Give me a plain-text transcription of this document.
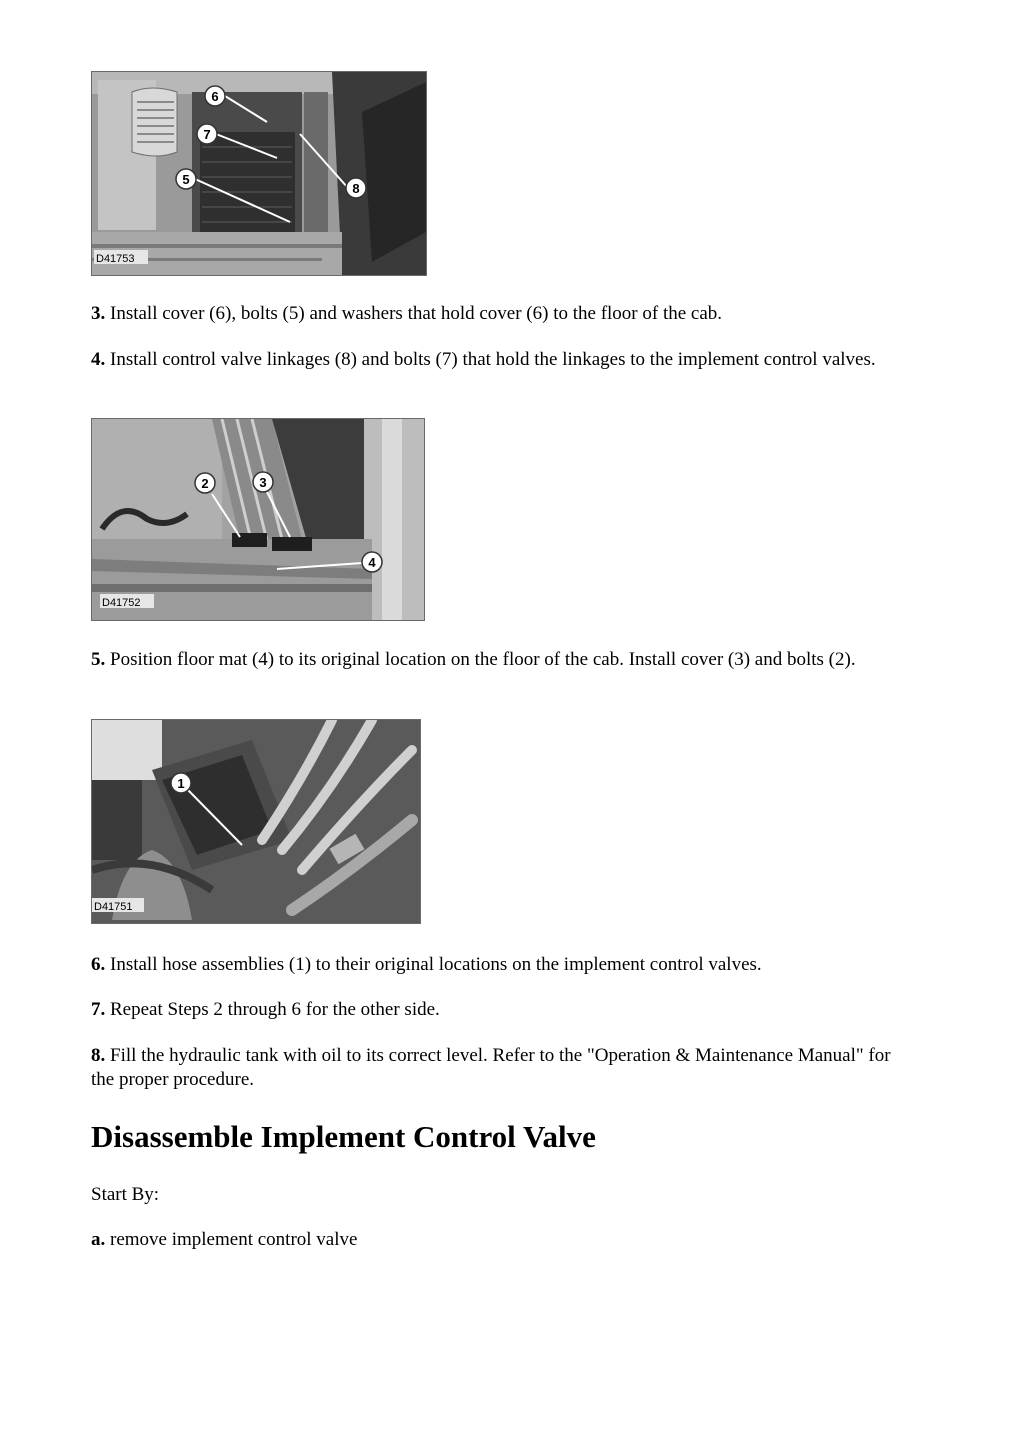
6
7
5
8
D41753

3. Install cover (6), bolts (5) and washers that hold cover (6) to the floor of the cab.

4. Install control valve linkages (8) and bolts (7) that hold the linkages to the implement control valves.

2	3
4
D41752

5. Position floor mat (4) to its original location on the floor of the cab. Install cover (3) and bolts (2).

1
D41751

6. Install hose assemblies (1) to their original locations on the implement control valves.

7. Repeat Steps 2 through 6 for the other side.

8. Fill the hydraulic tank with oil to its correct level. Refer to the "Operation & Maintenance Manual" for the proper procedure.

Disassemble Implement Control Valve

Start By:

a. remove implement control valve
